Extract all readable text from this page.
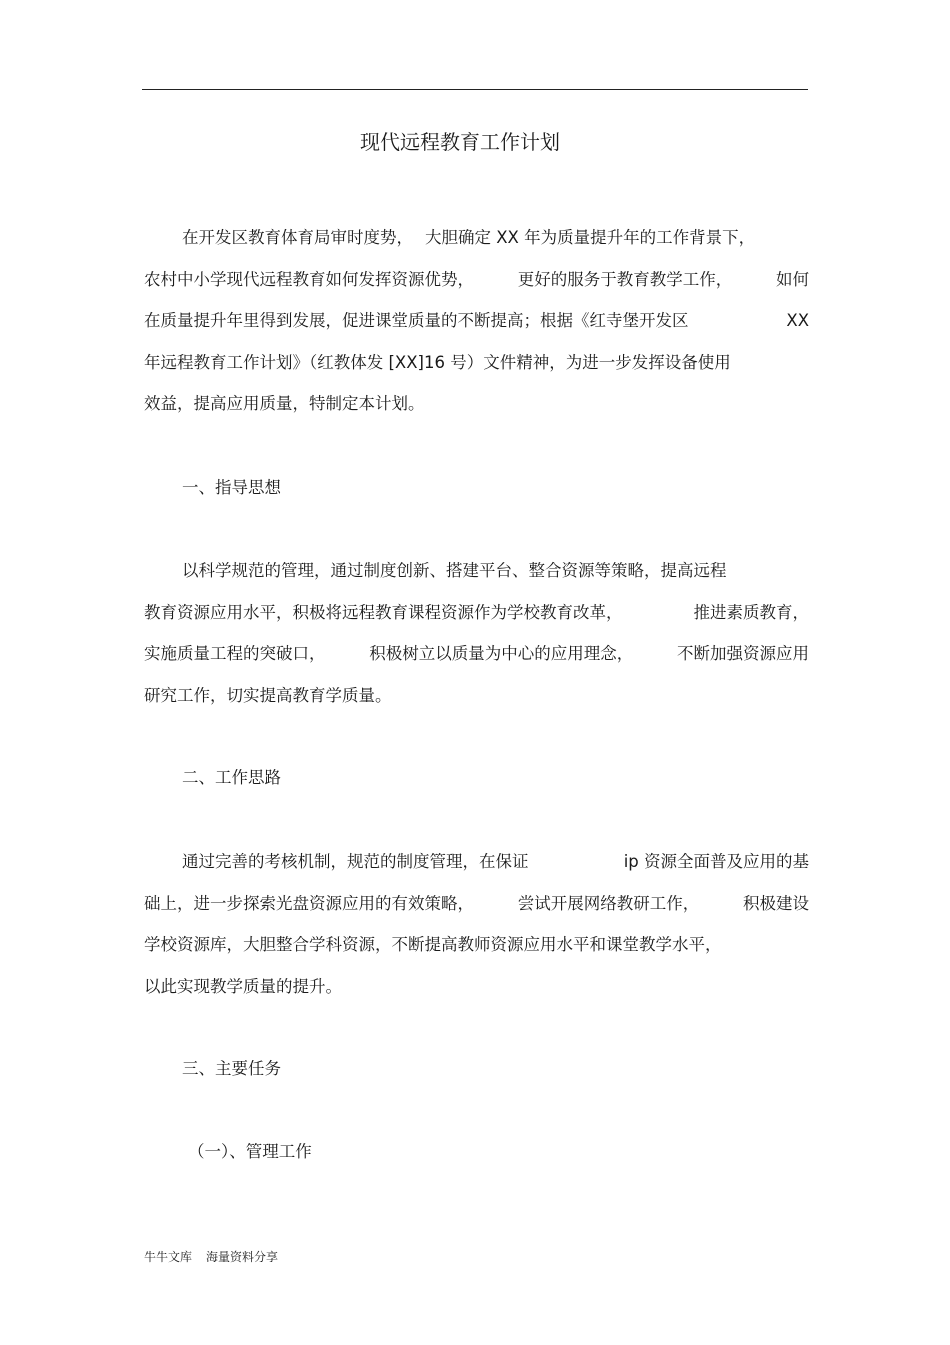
现代远程教育工作计划
在开发区教育体育局审时度势， 大胆确定 XX 年为质量提升年的工作背景下，
农村中小学现代远程教育如何发挥资源优势，	更好的服务于教育教学工作，	如何
在质量提升年里得到发展，促进课堂质量的不断提高；根据《红寺堡开发区	XX
年远程教育工作计划》（红教体发 [XX]16 号）文件精神，为进一步发挥设备使用
效益，提高应用质量，特制定本计划。
一、指导思想
以科学规范的管理，通过制度创新、搭建平台、整合资源等策略，提高远程
教育资源应用水平，积极将远程教育课程资源作为学校教育改革，	推进素质教育，
实施质量工程的突破口，	积极树立以质量为中心的应用理念，	不断加强资源应用
研究工作，切实提高教育学质量。
二、工作思路
通过完善的考核机制，规范的制度管理，在保证	ip 资源全面普及应用的基
础上，进一步探索光盘资源应用的有效策略，	尝试开展网络教研工作，	积极建设
学校资源库，大胆整合学科资源，不断提高教师资源应用水平和课堂教学水平，
以此实现教学质量的提升。
三、主要任务
（一）、管理工作
牛牛文库 海量资料分享
